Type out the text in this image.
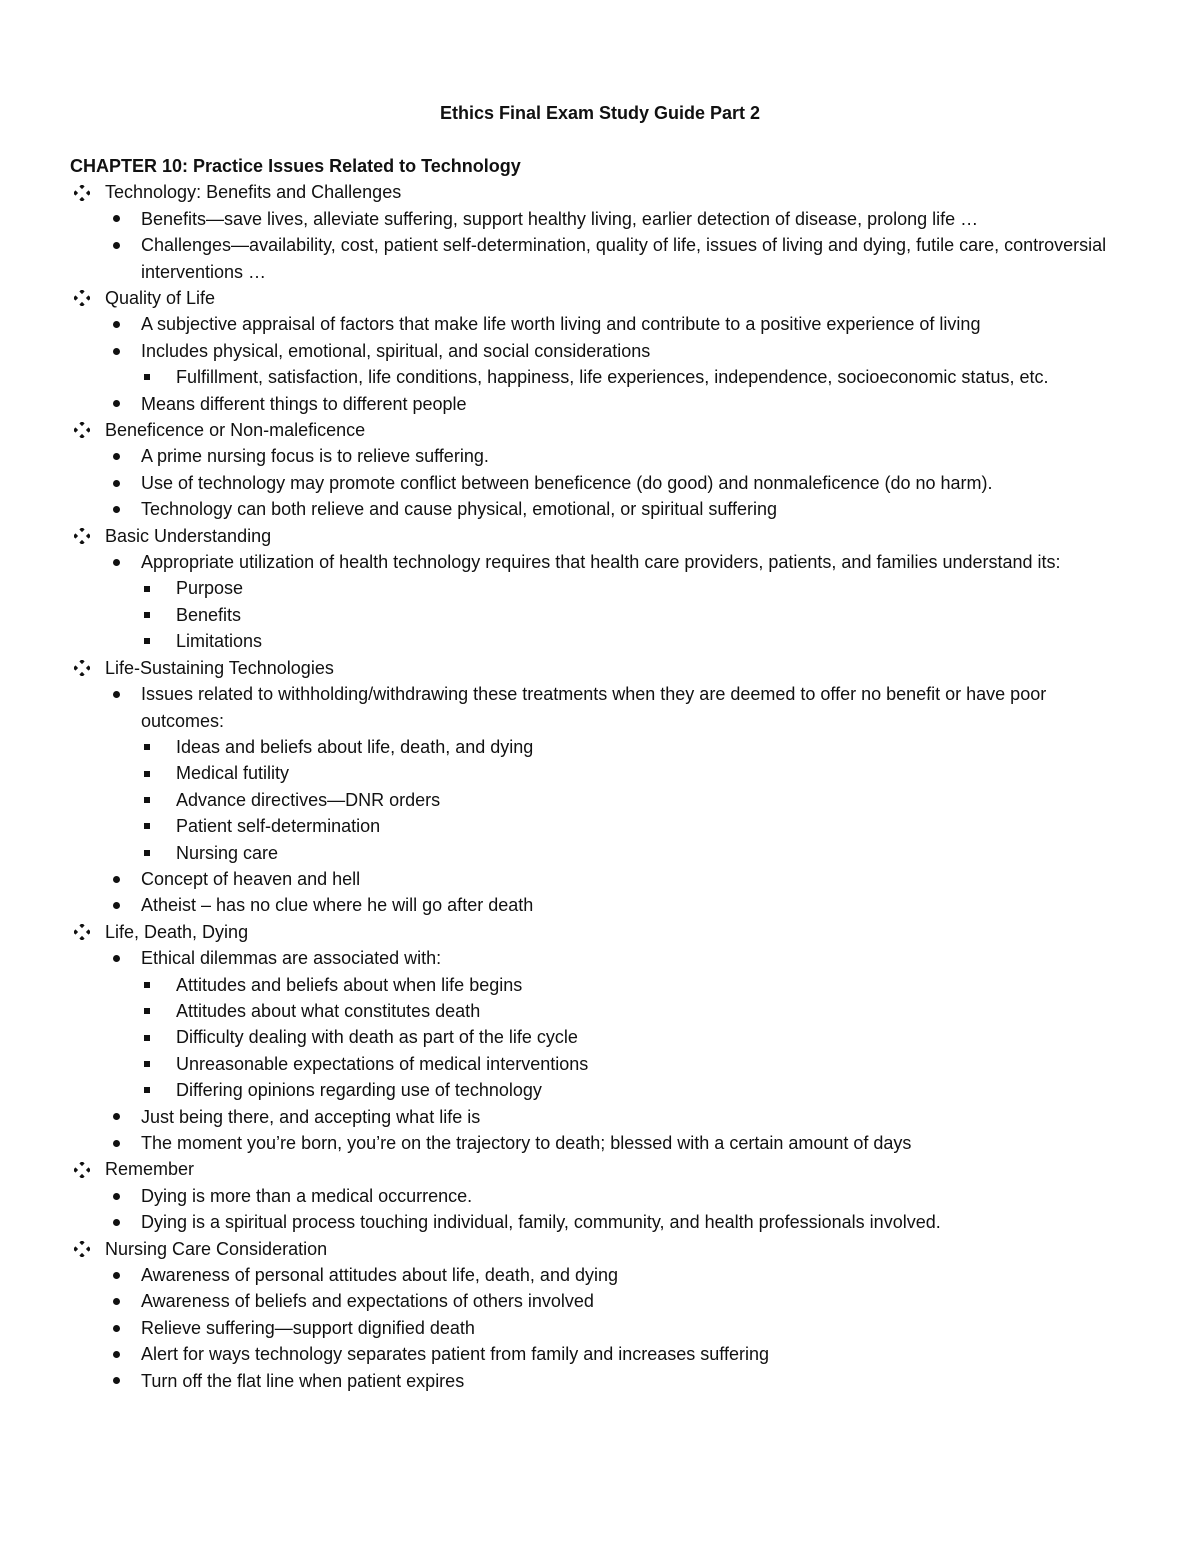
Ethics Final Exam Study Guide Part 2
CHAPTER 10: Practice Issues Related to Technology
Technology: Benefits and Challenges
Benefits—save lives, alleviate suffering, support healthy living, earlier detection of disease, prolong life …
Challenges—availability, cost, patient self-determination, quality of life, issues of living and dying, futile care, controversial interventions …
Quality of Life
A subjective appraisal of factors that make life worth living and contribute to a positive experience of living
Includes physical, emotional, spiritual, and social considerations
Fulfillment, satisfaction, life conditions, happiness, life experiences, independence, socioeconomic status, etc.
Means different things to different people
Beneficence or Non-maleficence
A prime nursing focus is to relieve suffering.
Use of technology may promote conflict between beneficence (do good) and nonmaleficence (do no harm).
Technology can both relieve and cause physical, emotional, or spiritual suffering
Basic Understanding
Appropriate utilization of health technology requires that health care providers, patients, and families understand its:
Purpose
Benefits
Limitations
Life-Sustaining Technologies
Issues related to withholding/withdrawing these treatments when they are deemed to offer no benefit or have poor outcomes:
Ideas and beliefs about life, death, and dying
Medical futility
Advance directives—DNR orders
Patient self-determination
Nursing care
Concept of heaven and hell
Atheist – has no clue where he will go after death
Life, Death, Dying
Ethical dilemmas are associated with:
Attitudes and beliefs about when life begins
Attitudes about what constitutes death
Difficulty dealing with death as part of the life cycle
Unreasonable expectations of medical interventions
Differing opinions regarding use of technology
Just being there, and accepting what life is
The moment you’re born, you’re on the trajectory to death; blessed with a certain amount of days
Remember
Dying is more than a medical occurrence.
Dying is a spiritual process touching individual, family, community, and health professionals involved.
Nursing Care Consideration
Awareness of personal attitudes about life, death, and dying
Awareness of beliefs and expectations of others involved
Relieve suffering—support dignified death
Alert for ways technology separates patient from family and increases suffering
Turn off the flat line when patient expires
